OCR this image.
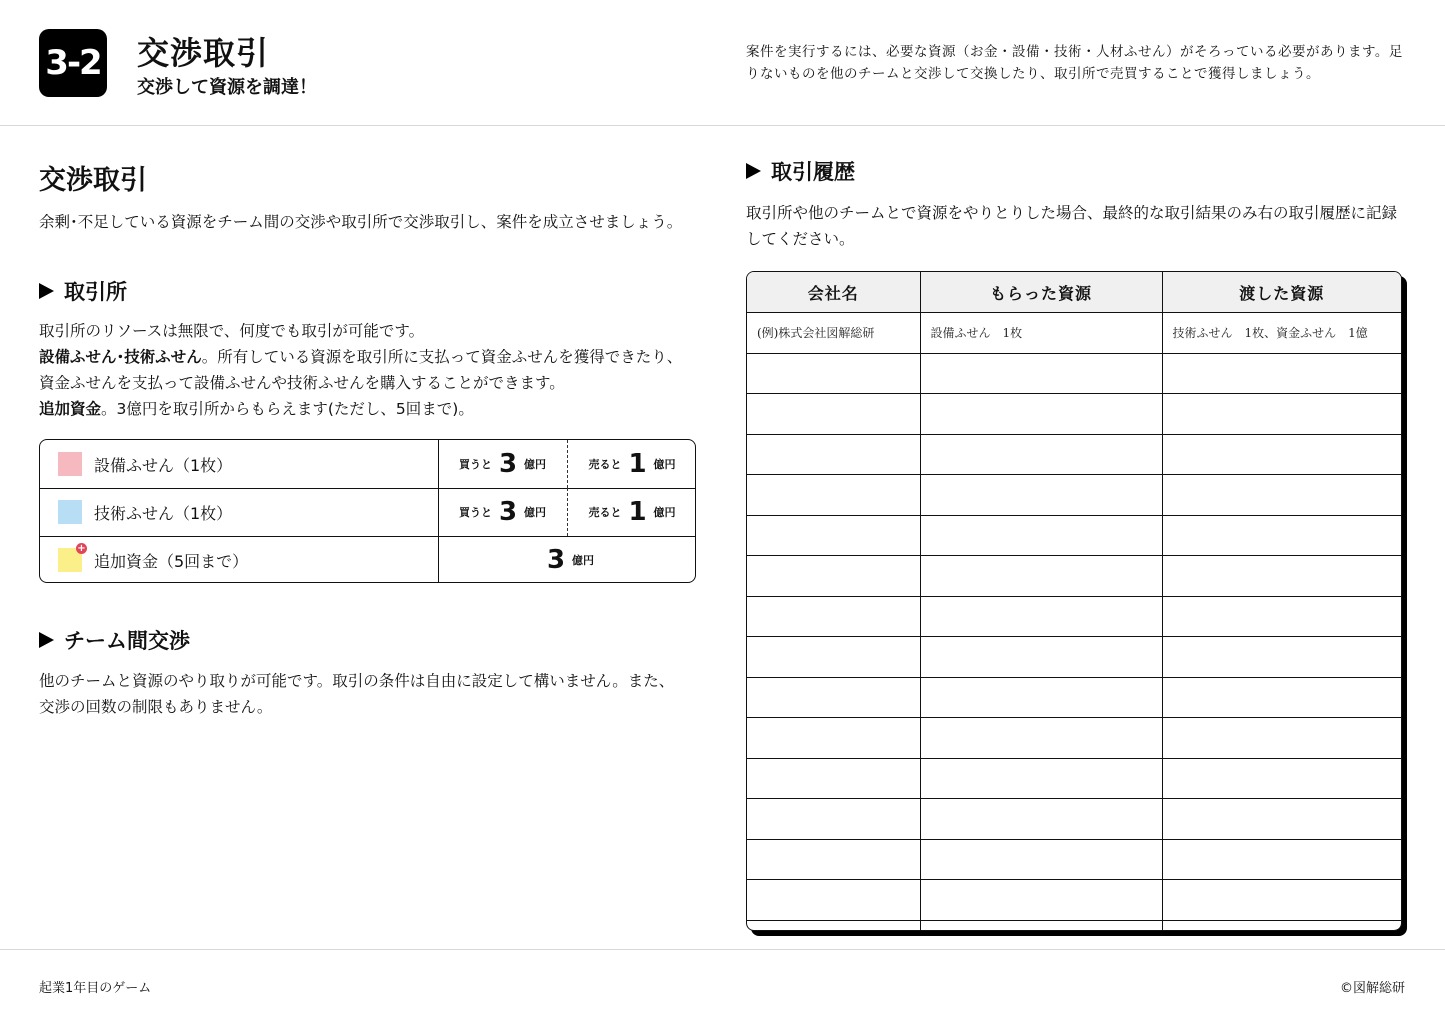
3-2 交渉取引
交渉して資源を調達！
案件を実行するには、必要な資源（お金・設備・技術・人材ふせん）がそろっている必要があります。足りないものを他のチームと交渉して交換したり、取引所で売買することで獲得しましょう。
交渉取引
余剰･不足している資源をチーム間の交渉や取引所で交渉取引し、案件を成立させましょう。
取引所
取引所のリソースは無限で、何度でも取引が可能です。
設備ふせん･技術ふせん。所有している資源を取引所に支払って資金ふせんを獲得できたり、
資金ふせんを支払って設備ふせんや技術ふせんを購入することができます。
追加資金。3億円を取引所からもらえます(ただし、5回まで)。
設備ふせん（1枚）	買うと 3 億円	売ると 1 億円
技術ふせん（1枚）	買うと 3 億円	売ると 1 億円
+
追加資金（5回まで）	3 億円
チーム間交渉
他のチームと資源のやり取りが可能です。取引の条件は自由に設定して構いません。また、
交渉の回数の制限もありません。
取引履歴
取引所や他のチームとで資源をやりとりした場合、最終的な取引結果のみ右の取引履歴に記録してください。
会社名	もらった資源	渡した資源
(例)株式会社図解総研	設備ふせん　1枚	技術ふせん　1枚、資金ふせん　1億

起業1年目のゲーム	©図解総研
